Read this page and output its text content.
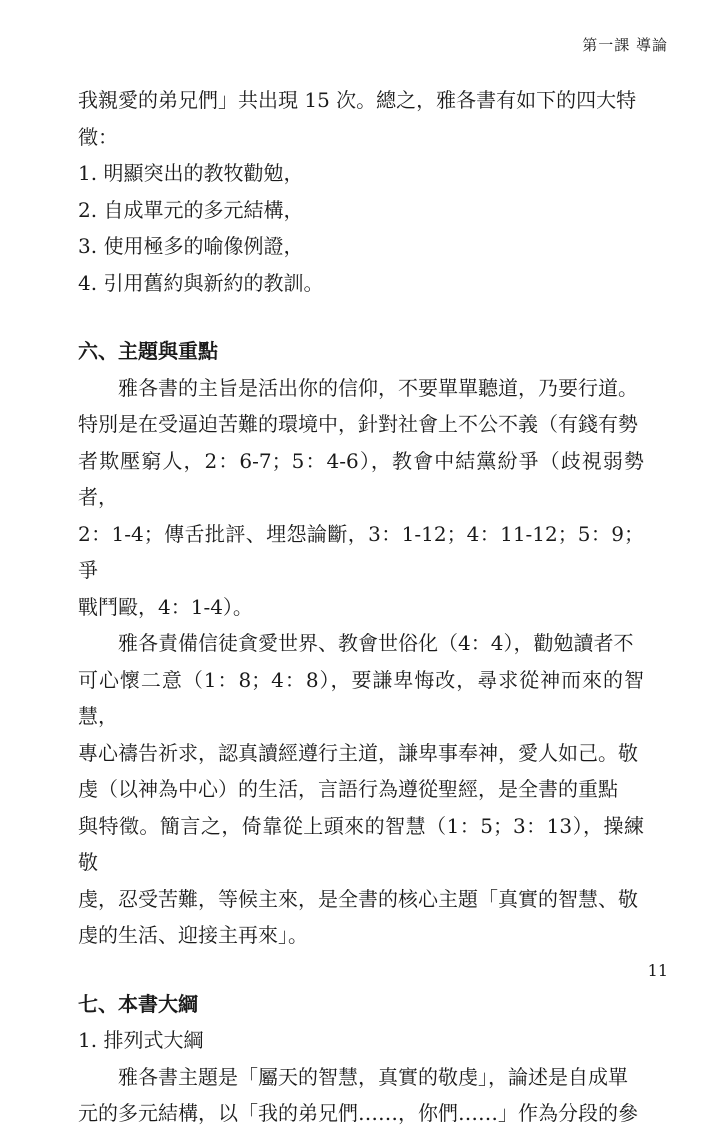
第一課 導論

我親愛的弟兄們」共出現 15 次。總之，雅各書有如下的四大特
徵：

1. 明顯突出的教牧勸勉，

2. 自成單元的多元結構，

3. 使用極多的喻像例證，

4. 引用舊約與新約的教訓。

六、主題與重點

雅各書的主旨是活出你的信仰，不要單單聽道，乃要行道。
特別是在受逼迫苦難的環境中，針對社會上不公不義（有錢有勢
者欺壓窮人，2：6-7；5：4-6），教會中結黨紛爭（歧視弱勢者，
2：1-4；傳舌批評、埋怨論斷，3：1-12；4：11-12；5：9；爭
戰鬥毆，4：1-4）。

雅各責備信徒貪愛世界、教會世俗化（4：4），勸勉讀者不
可心懷二意（1：8；4：8），要謙卑悔改，尋求從神而來的智慧，
專心禱告祈求，認真讀經遵行主道，謙卑事奉神，愛人如己。敬
虔（以神為中心）的生活，言語行為遵從聖經，是全書的重點
與特徵。簡言之，倚靠從上頭來的智慧（1：5；3：13），操練敬
虔，忍受苦難，等候主來，是全書的核心主題「真實的智慧、敬
虔的生活、迎接主再來」。

七、本書大綱

1. 排列式大綱

雅各書主題是「屬天的智慧，真實的敬虔」，論述是自成單
元的多元結構，以「我的弟兄們……，你們……」作為分段的參

11
